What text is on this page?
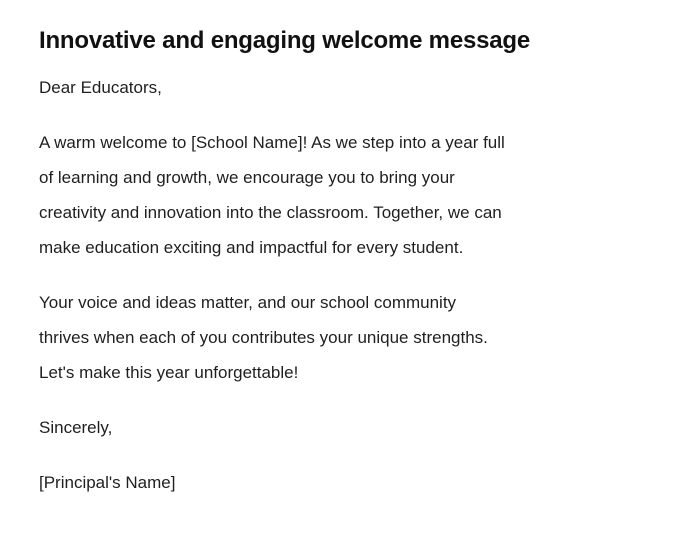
Innovative and engaging welcome message

Dear Educators,

A warm welcome to [School Name]! As we step into a year full
of learning and growth, we encourage you to bring your
creativity and innovation into the classroom. Together, we can
make education exciting and impactful for every student.

Your voice and ideas matter, and our school community
thrives when each of you contributes your unique strengths.
Let's make this year unforgettable!

Sincerely,

[Principal's Name]
